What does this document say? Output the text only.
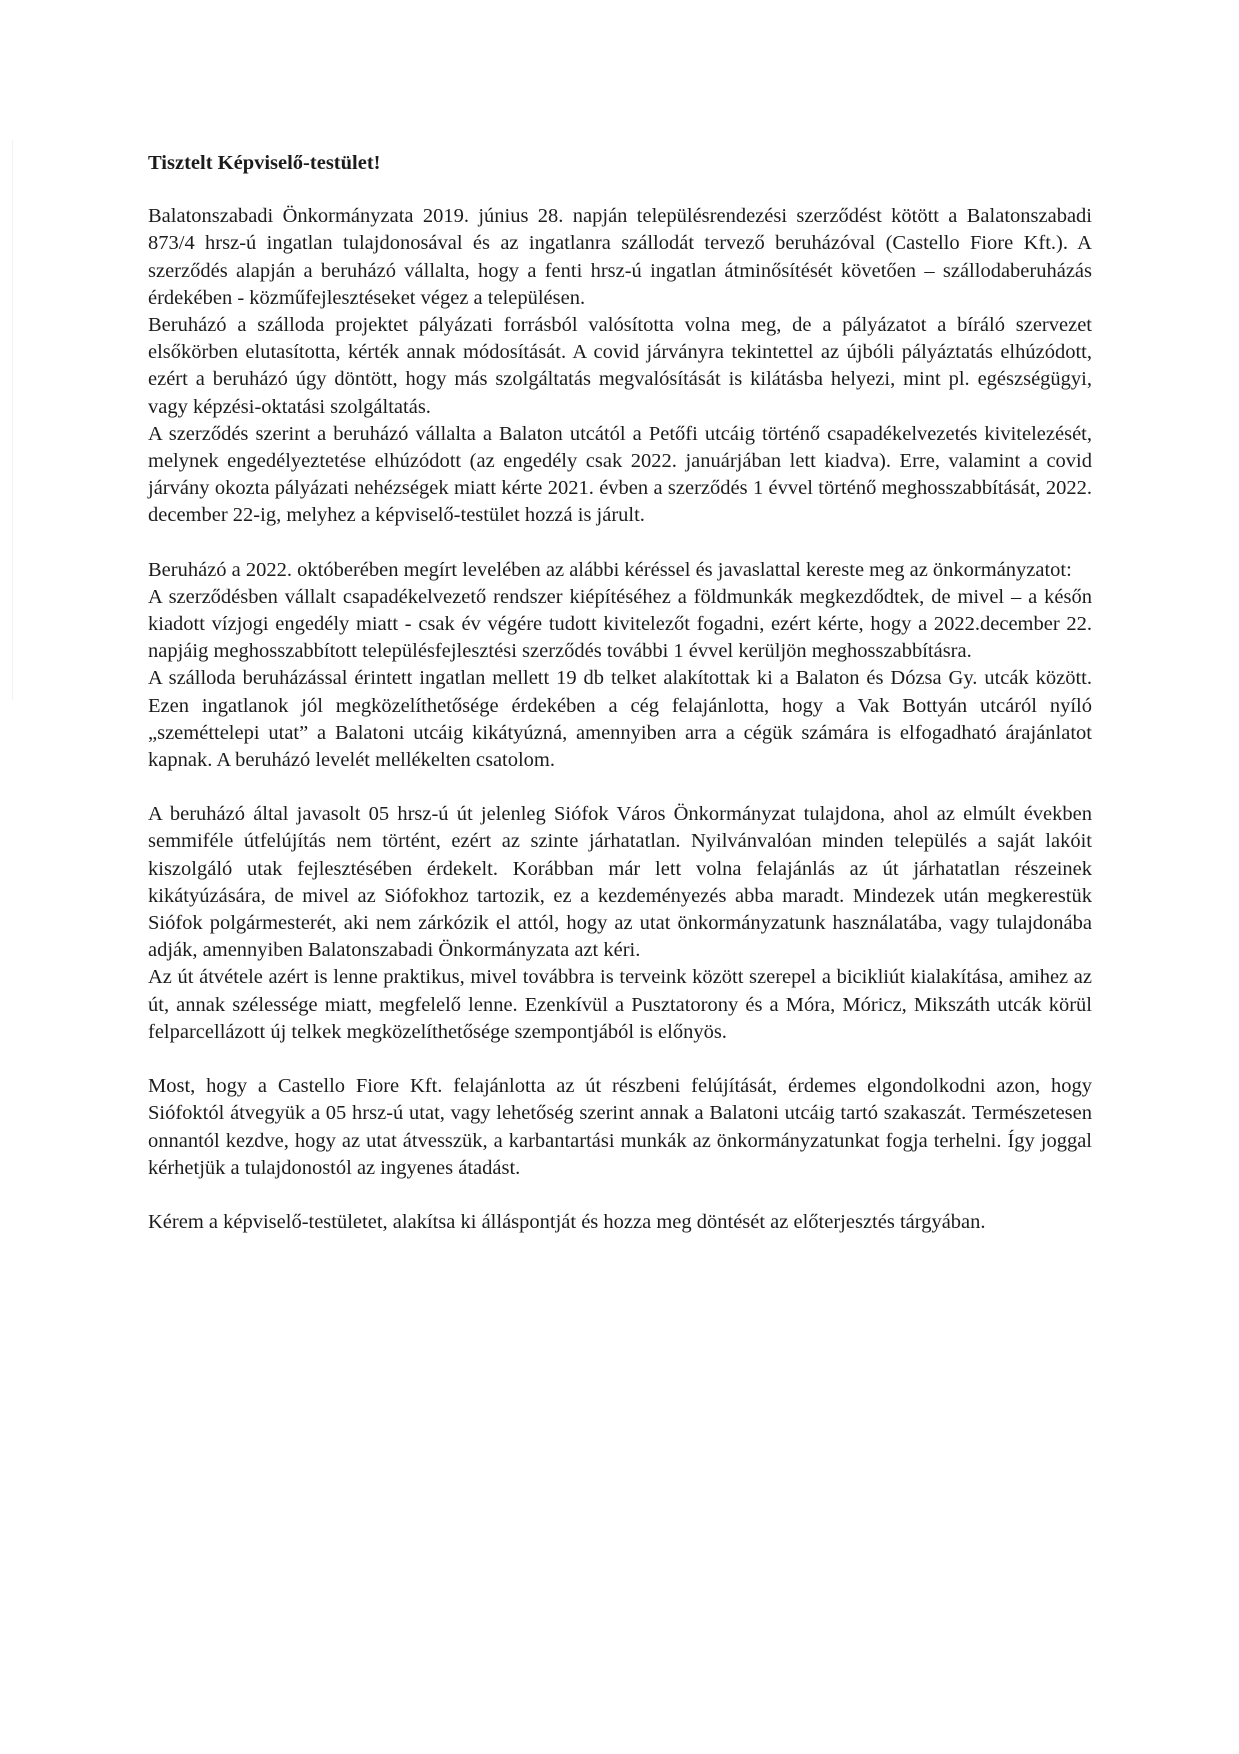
Tisztelt Képviselő-testület!

Balatonszabadi Önkormányzata 2019. június 28. napján településrendezési szerződést kötött a Balatonszabadi 873/4 hrsz-ú ingatlan tulajdonosával és az ingatlanra szállodát tervező beruházóval (Castello Fiore Kft.). A szerződés alapján a beruházó vállalta, hogy a fenti hrsz-ú ingatlan átminősítését követően – szállodaberuházás érdekében - közműfejlesztéseket végez a településen.

Beruházó a szálloda projektet pályázati forrásból valósította volna meg, de a pályázatot a bíráló szervezet elsőkörben elutasította, kérték annak módosítását. A covid járványra tekintettel az újbóli pályáztatás elhúzódott, ezért a beruházó úgy döntött, hogy más szolgáltatás megvalósítását is kilátásba helyezi, mint pl. egészségügyi, vagy képzési-oktatási szolgáltatás.

A szerződés szerint a beruházó vállalta a Balaton utcától a Petőfi utcáig történő csapadékelvezetés kivitelezését, melynek engedélyeztetése elhúzódott (az engedély csak 2022. januárjában lett kiadva). Erre, valamint a covid járvány okozta pályázati nehézségek miatt kérte 2021. évben a szerződés 1 évvel történő meghosszabbítását, 2022. december 22-ig, melyhez a képviselő-testület hozzá is járult.

Beruházó a 2022. októberében megírt levelében az alábbi kéréssel és javaslattal kereste meg az önkormányzatot:

A szerződésben vállalt csapadékelvezető rendszer kiépítéséhez a földmunkák megkezdődtek, de mivel – a későn kiadott vízjogi engedély miatt - csak év végére tudott kivitelezőt fogadni, ezért kérte, hogy a 2022.december 22. napjáig meghosszabbított településfejlesztési szerződés további 1 évvel kerüljön meghosszabbításra.

A szálloda beruházással érintett ingatlan mellett 19 db telket alakítottak ki a Balaton és Dózsa Gy. utcák között. Ezen ingatlanok jól megközelíthetősége érdekében a cég felajánlotta, hogy a Vak Bottyán utcáról nyíló „szeméttelepi utat” a Balatoni utcáig kikátyúzná, amennyiben arra a cégük számára is elfogadható árajánlatot kapnak. A beruházó levelét mellékelten csatolom.

A beruházó által javasolt 05 hrsz-ú út jelenleg Siófok Város Önkormányzat tulajdona, ahol az elmúlt években semmiféle útfelújítás nem történt, ezért az szinte járhatatlan. Nyilvánvalóan minden település a saját lakóit kiszolgáló utak fejlesztésében érdekelt. Korábban már lett volna felajánlás az út járhatatlan részeinek kikátyúzására, de mivel az Siófokhoz tartozik, ez a kezdeményezés abba maradt. Mindezek után megkerestük Siófok polgármesterét, aki nem zárkózik el attól, hogy az utat önkormányzatunk használatába, vagy tulajdonába adják, amennyiben Balatonszabadi Önkormányzata azt kéri.

Az út átvétele azért is lenne praktikus, mivel továbbra is terveink között szerepel a bicikliút kialakítása, amihez az út, annak szélessége miatt, megfelelő lenne. Ezenkívül a Pusztatorony és a Móra, Móricz, Mikszáth utcák körül felparcellázott új telkek megközelíthetősége szempontjából is előnyös.

Most, hogy a Castello Fiore Kft. felajánlotta az út részbeni felújítását, érdemes elgondolkodni azon, hogy Siófoktól átvegyük a 05 hrsz-ú utat, vagy lehetőség szerint annak a Balatoni utcáig tartó szakaszát. Természetesen onnantól kezdve, hogy az utat átvesszük, a karbantartási munkák az önkormányzatunkat fogja terhelni. Így joggal kérhetjük a tulajdonostól az ingyenes átadást.

Kérem a képviselő-testületet, alakítsa ki álláspontját és hozza meg döntését az előterjesztés tárgyában.
